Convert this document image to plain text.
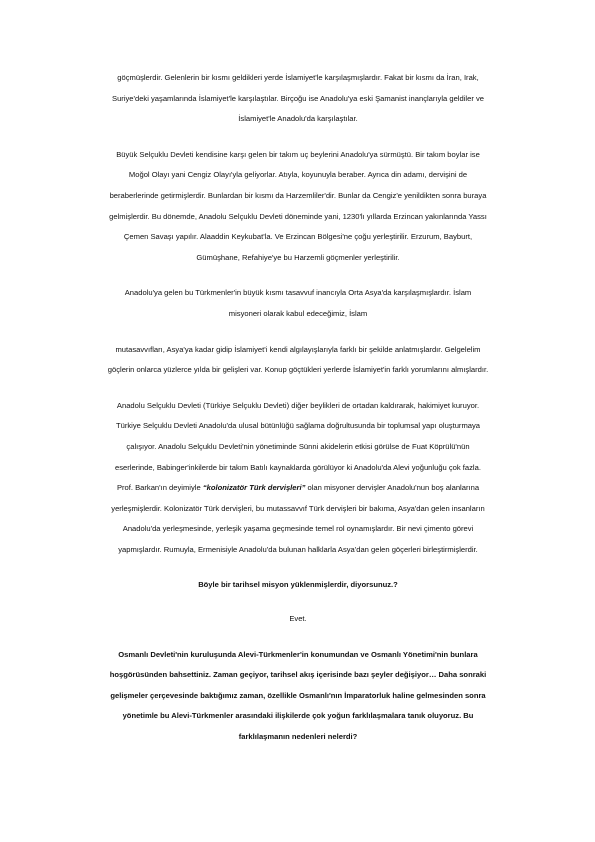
göçmüşlerdir. Gelenlerin bir kısmı geldikleri yerde İslamiyet'le karşılaşmışlardır. Fakat bir kısmı da İran, Irak,
Suriye'deki yaşamlarında İslamiyet'le karşılaştılar. Birçoğu ise Anadolu'ya eski Şamanist inançlarıyla geldiler ve
İslamiyet'le Anadolu'da karşılaştılar.

Büyük Selçuklu Devleti kendisine karşı gelen bir takım uç beylerini Anadolu'ya sürmüştü. Bir takım boylar ise
Moğol Olayı yani Cengiz Olayı'yla geliyorlar. Atıyla, koyunuyla beraber. Ayrıca din adamı, dervişini de
beraberlerinde getirmişlerdir. Bunlardan bir kısmı da Harzemliler'dir. Bunlar da Cengiz'e yenildikten sonra buraya
gelmişlerdir. Bu dönemde, Anadolu Selçuklu Devleti döneminde yani, 1230'lı yıllarda Erzincan yakınlarında Yassı
Çemen Savaşı yapılır. Alaaddin Keykubat'la. Ve Erzincan Bölgesi'ne çoğu yerleştirilir. Erzurum, Bayburt,
Gümüşhane, Refahiye'ye bu Harzemli göçmenler yerleştirilir.

Anadolu'ya gelen bu Türkmenler'in büyük kısmı tasavvuf inancıyla Orta Asya'da karşılaşmışlardır. İslam
misyoneri olarak kabul edeceğimiz, İslam

mutasavvıfları, Asya'ya kadar gidip İslamiyet'i kendi algılayışlarıyla farklı bir şekilde anlatmışlardır. Gelgelelim
göçlerin onlarca yüzlerce yılda bir gelişleri var. Konup göçtükleri yerlerde İslamiyet'in farklı yorumlarını almışlardır.

Anadolu Selçuklu Devleti (Türkiye Selçuklu Devleti) diğer beylikleri de ortadan kaldırarak, hakimiyet kuruyor.
Türkiye Selçuklu Devleti Anadolu'da ulusal bütünlüğü sağlama doğrultusunda bir toplumsal yapı oluşturmaya
çalışıyor. Anadolu Selçuklu Devleti'nin yönetiminde Sünni akidelerin etkisi görülse de Fuat Köprülü'nün
eserlerinde, Babinger'inkilerde bir takım Batılı kaynaklarda görülüyor ki Anadolu'da Alevi yoğunluğu çok fazla.
Prof. Barkan'ın deyimiyle “kolonizatör Türk dervişleri” olan misyoner dervişler Anadolu'nun boş alanlarına
yerleşmişlerdir. Kolonizatör Türk dervişleri, bu mutassavvıf Türk dervişleri bir bakıma, Asya'dan gelen insanların
Anadolu'da yerleşmesinde, yerleşik yaşama geçmesinde temel rol oynamışlardır. Bir nevi çimento görevi
yapmışlardır. Rumuyla, Ermenisiyle Anadolu'da bulunan halklarla Asya'dan gelen göçerleri birleştirmişlerdir.

Böyle bir tarihsel misyon yüklenmişlerdir, diyorsunuz.?

Evet.

Osmanlı Devleti'nin kuruluşunda Alevi-Türkmenler'in konumundan ve Osmanlı Yönetimi'nin bunlara
hoşgörüsünden bahsettiniz. Zaman geçiyor, tarihsel akış içerisinde bazı şeyler değişiyor… Daha sonraki
gelişmeler çerçevesinde baktığımız zaman, özellikle Osmanlı'nın İmparatorluk haline gelmesinden sonra
yönetimle bu Alevi-Türkmenler arasındaki ilişkilerde çok yoğun farklılaşmalara tanık oluyoruz. Bu
farklılaşmanın nedenleri nelerdi?
